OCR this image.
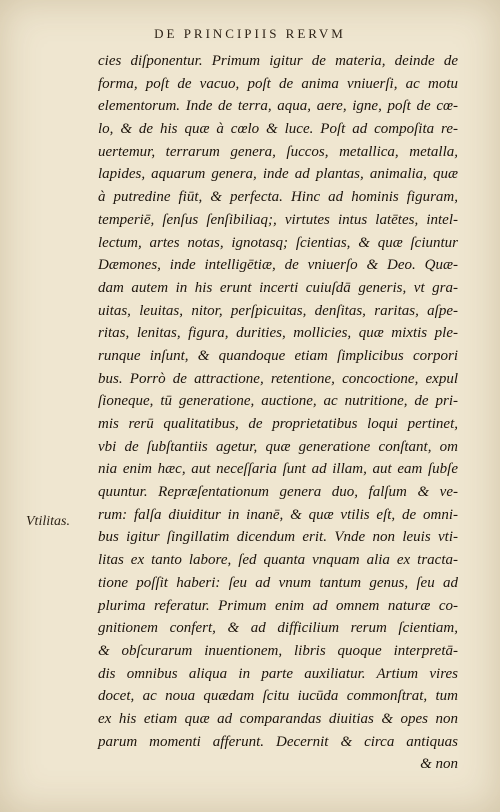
DE PRINCIPIIS RERVM
Vtilitas.
cies diſponentur. Primum igitur de materia, deinde de
forma, poſt de vacuo, poſt de anima vniuerſi, ac motu
elementorum. Inde de terra, aqua, aere, igne, poſt de cœ-
lo, & de his quæ à cœlo & luce. Poſt ad compoſita re-
uertemur, terrarum genera, ſuccos, metallica, metalla,
lapides, aquarum genera, inde ad plantas, animalia, quæ
à putredine fiūt, & perfecta. Hinc ad hominis figuram,
temperiē, ſenſus ſenſibiliaq;, virtutes intus latētes, intel-
lectum, artes notas, ignotasq; ſcientias, & quæ ſciuntur
Dæmones, inde intelligētiæ, de vniuerſo & Deo. Quæ-
dam autem in his erunt incerti cuiuſdā generis, vt gra-
uitas, leuitas, nitor, perſpicuitas, denſitas, raritas, aſpe-
ritas, lenitas, figura, durities, mollicies, quæ mixtis ple-
runque inſunt, & quandoque etiam ſimplicibus corpori
bus. Porrò de attractione, retentione, concoctione, expul
ſioneque, tū generatione, auctione, ac nutritione, de pri-
mis rerū qualitatibus, de proprietatibus loqui pertinet,
vbi de ſubſtantiis agetur, quæ generatione conſtant, om
nia enim hæc, aut neceſſaria ſunt ad illam, aut eam ſubſe
quuntur. Repræſentationum genera duo, falſum & ve-
rum: falſa diuiditur in inanē, & quæ vtilis eſt, de omni-
bus igitur ſingillatim dicendum erit. Vnde non leuis vti-
litas ex tanto labore, ſed quanta vnquam alia ex tracta-
tione poſſit haberi: ſeu ad vnum tantum genus, ſeu ad
plurima referatur. Primum enim ad omnem naturæ co-
gnitionem confert, & ad difficilium rerum ſcientiam,
& obſcurarum inuentionem, libris quoque interpretā-
dis omnibus aliqua in parte auxiliatur. Artium vires
docet, ac noua quædam ſcitu iucūda commonſtrat, tum
ex his etiam quæ ad comparandas diuitias & opes non
parum momenti afferunt. Decernit & circa antiquas
& non
